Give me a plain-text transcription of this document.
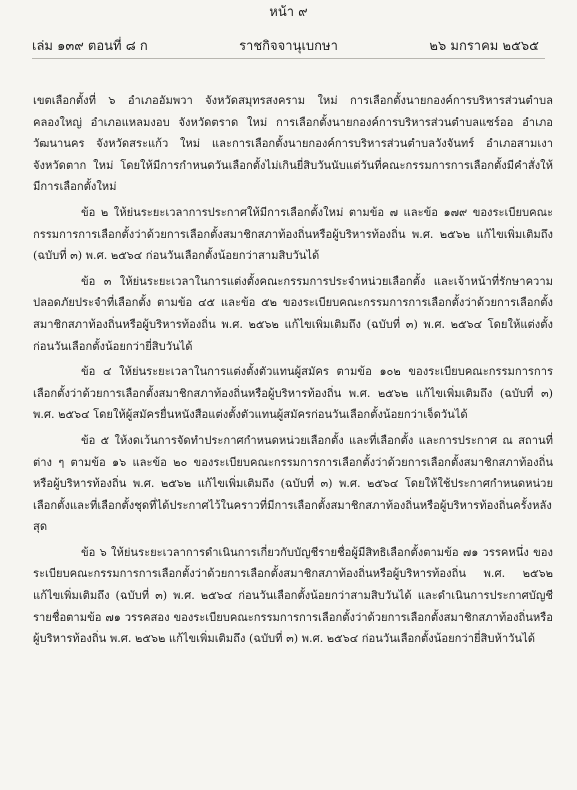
หน้า ๙
เล่ม ๑๓๙ ตอนที่ ๘ ก	ราชกิจจานุเบกษา	๒๖ มกราคม ๒๕๖๕

เขตเลือกตั้งที่ ๖ อำเภออัมพวา จังหวัดสมุทรสงคราม ใหม่ การเลือกตั้งนายกองค์การบริหารส่วนตำบลคลองใหญ่ อำเภอแหลมงอบ จังหวัดตราด ใหม่ การเลือกตั้งนายกองค์การบริหารส่วนตำบลแซร์ออ อำเภอวัฒนานคร จังหวัดสระแก้ว ใหม่ และการเลือกตั้งนายกองค์การบริหารส่วนตำบลวังจันทร์ อำเภอสามเงา จังหวัดตาก ใหม่ โดยให้มีการกำหนดวันเลือกตั้งไม่เกินยี่สิบวันนับแต่วันที่คณะกรรมการการเลือกตั้งมีคำสั่งให้มีการเลือกตั้งใหม่

ข้อ ๒ ให้ย่นระยะเวลาการประกาศให้มีการเลือกตั้งใหม่ ตามข้อ ๗ และข้อ ๑๗๙ ของระเบียบคณะกรรมการการเลือกตั้งว่าด้วยการเลือกตั้งสมาชิกสภาท้องถิ่นหรือผู้บริหารท้องถิ่น พ.ศ. ๒๕๖๒ แก้ไขเพิ่มเติมถึง (ฉบับที่ ๓) พ.ศ. ๒๕๖๔ ก่อนวันเลือกตั้งน้อยกว่าสามสิบวันได้

ข้อ ๓ ให้ย่นระยะเวลาในการแต่งตั้งคณะกรรมการประจำหน่วยเลือกตั้ง และเจ้าหน้าที่รักษาความปลอดภัยประจำที่เลือกตั้ง ตามข้อ ๔๕ และข้อ ๕๒ ของระเบียบคณะกรรมการการเลือกตั้งว่าด้วยการเลือกตั้งสมาชิกสภาท้องถิ่นหรือผู้บริหารท้องถิ่น พ.ศ. ๒๕๖๒ แก้ไขเพิ่มเติมถึง (ฉบับที่ ๓) พ.ศ. ๒๕๖๔ โดยให้แต่งตั้งก่อนวันเลือกตั้งน้อยกว่ายี่สิบวันได้

ข้อ ๔ ให้ย่นระยะเวลาในการแต่งตั้งตัวแทนผู้สมัคร ตามข้อ ๑๐๒ ของระเบียบคณะกรรมการการเลือกตั้งว่าด้วยการเลือกตั้งสมาชิกสภาท้องถิ่นหรือผู้บริหารท้องถิ่น พ.ศ. ๒๕๖๒ แก้ไขเพิ่มเติมถึง (ฉบับที่ ๓) พ.ศ. ๒๕๖๔ โดยให้ผู้สมัครยื่นหนังสือแต่งตั้งตัวแทนผู้สมัครก่อนวันเลือกตั้งน้อยกว่าเจ็ดวันได้

ข้อ ๕ ให้งดเว้นการจัดทำประกาศกำหนดหน่วยเลือกตั้ง และที่เลือกตั้ง และการประกาศ ณ สถานที่ต่าง ๆ ตามข้อ ๑๖ และข้อ ๒๐ ของระเบียบคณะกรรมการการเลือกตั้งว่าด้วยการเลือกตั้งสมาชิกสภาท้องถิ่นหรือผู้บริหารท้องถิ่น พ.ศ. ๒๕๖๒ แก้ไขเพิ่มเติมถึง (ฉบับที่ ๓) พ.ศ. ๒๕๖๔ โดยให้ใช้ประกาศกำหนดหน่วยเลือกตั้งและที่เลือกตั้งชุดที่ได้ประกาศไว้ในคราวที่มีการเลือกตั้งสมาชิกสภาท้องถิ่นหรือผู้บริหารท้องถิ่นครั้งหลังสุด

ข้อ ๖ ให้ย่นระยะเวลาการดำเนินการเกี่ยวกับบัญชีรายชื่อผู้มีสิทธิเลือกตั้งตามข้อ ๗๑ วรรคหนึ่ง ของระเบียบคณะกรรมการการเลือกตั้งว่าด้วยการเลือกตั้งสมาชิกสภาท้องถิ่นหรือผู้บริหารท้องถิ่น พ.ศ. ๒๕๖๒ แก้ไขเพิ่มเติมถึง (ฉบับที่ ๓) พ.ศ. ๒๕๖๔ ก่อนวันเลือกตั้งน้อยกว่าสามสิบวันได้ และดำเนินการประกาศบัญชีรายชื่อตามข้อ ๗๑ วรรคสอง ของระเบียบคณะกรรมการการเลือกตั้งว่าด้วยการเลือกตั้งสมาชิกสภาท้องถิ่นหรือผู้บริหารท้องถิ่น พ.ศ. ๒๕๖๒ แก้ไขเพิ่มเติมถึง (ฉบับที่ ๓) พ.ศ. ๒๕๖๔ ก่อนวันเลือกตั้งน้อยกว่ายี่สิบห้าวันได้
